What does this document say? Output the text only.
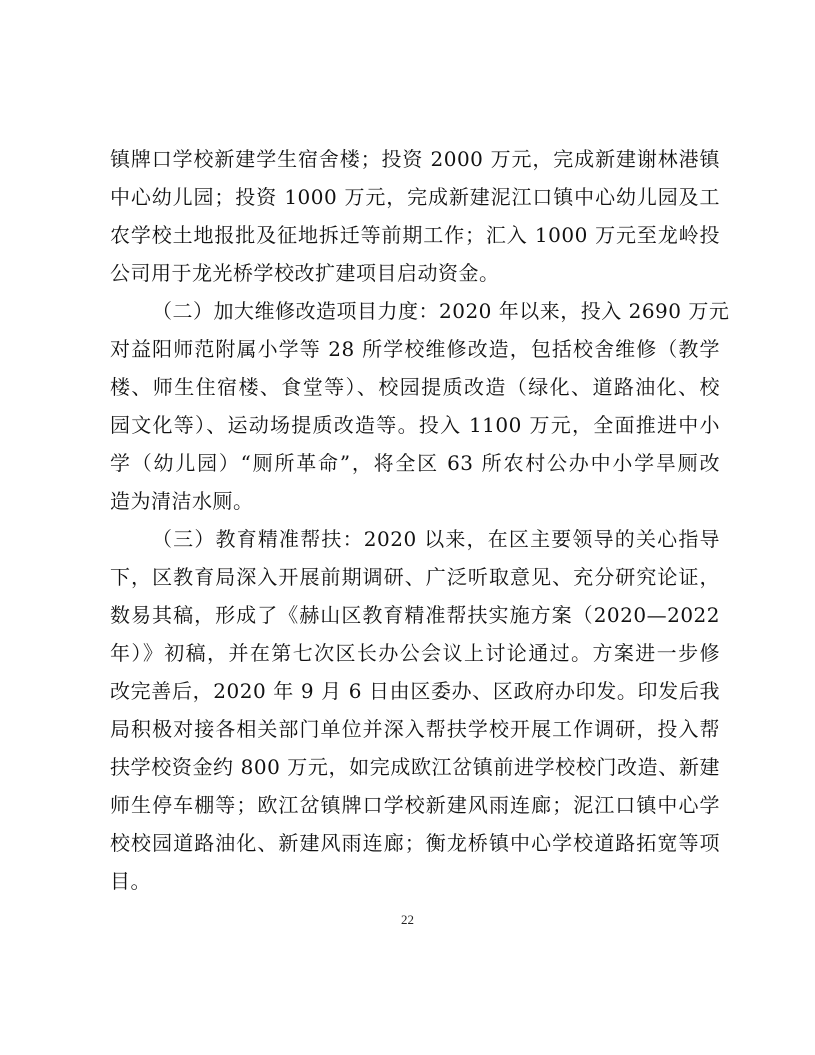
镇牌口学校新建学生宿舍楼；投资 2000 万元，完成新建谢林港镇
中心幼儿园；投资 1000 万元，完成新建泥江口镇中心幼儿园及工
农学校土地报批及征地拆迁等前期工作；汇入 1000 万元至龙岭投
公司用于龙光桥学校改扩建项目启动资金。
（二）加大维修改造项目力度：2020 年以来，投入 2690 万元
对益阳师范附属小学等 28 所学校维修改造，包括校舍维修（教学
楼、师生住宿楼、食堂等）、校园提质改造（绿化、道路油化、校
园文化等）、运动场提质改造等。投入 1100 万元，全面推进中小
学（幼儿园）“厕所革命”，将全区 63 所农村公办中小学旱厕改
造为清洁水厕。
（三）教育精准帮扶：2020 以来，在区主要领导的关心指导
下，区教育局深入开展前期调研、广泛听取意见、充分研究论证，
数易其稿，形成了《赫山区教育精准帮扶实施方案（2020—2022
年）》初稿，并在第七次区长办公会议上讨论通过。方案进一步修
改完善后，2020 年 9 月 6 日由区委办、区政府办印发。印发后我
局积极对接各相关部门单位并深入帮扶学校开展工作调研，投入帮
扶学校资金约 800 万元，如完成欧江岔镇前进学校校门改造、新建
师生停车棚等；欧江岔镇牌口学校新建风雨连廊；泥江口镇中心学
校校园道路油化、新建风雨连廊；衡龙桥镇中心学校道路拓宽等项
目。
22
